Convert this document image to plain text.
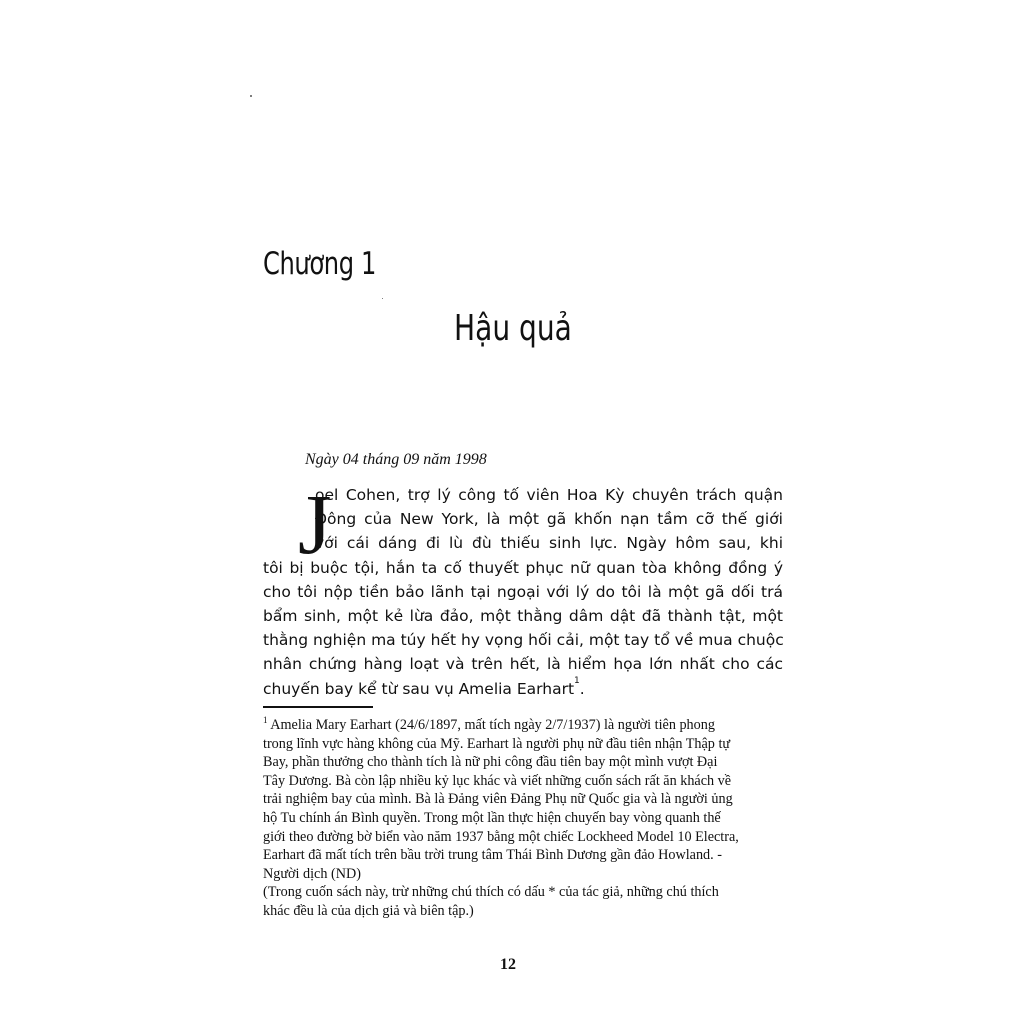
Chương 1
Hậu quả
Ngày 04 tháng 09 năm 1998
J
oel Cohen, trợ lý công tố viên Hoa Kỳ chuyên trách quận
Đông của New York, là một gã khốn nạn tầm cỡ thế giới
với cái dáng đi lù đù thiếu sinh lực. Ngày hôm sau, khi
tôi bị buộc tội, hắn ta cố thuyết phục nữ quan tòa không đồng ý
cho tôi nộp tiền bảo lãnh tại ngoại với lý do tôi là một gã dối trá
bẩm sinh, một kẻ lừa đảo, một thằng dâm dật đã thành tật, một
thằng nghiện ma túy hết hy vọng hối cải, một tay tổ về mua chuộc
nhân chứng hàng loạt và trên hết, là hiểm họa lớn nhất cho các
chuyến bay kể từ sau vụ Amelia Earhart$^1$.
$^1$ Amelia Mary Earhart (24/6/1897, mất tích ngày 2/7/1937) là người tiên phong
trong lĩnh vực hàng không của Mỹ. Earhart là người phụ nữ đầu tiên nhận Thập tự
Bay, phần thưởng cho thành tích là nữ phi công đầu tiên bay một mình vượt Đại
Tây Dương. Bà còn lập nhiều kỷ lục khác và viết những cuốn sách rất ăn khách về
trải nghiệm bay của mình. Bà là Đảng viên Đảng Phụ nữ Quốc gia và là người ủng
hộ Tu chính án Bình quyền. Trong một lần thực hiện chuyến bay vòng quanh thế
giới theo đường bờ biển vào năm 1937 bằng một chiếc Lockheed Model 10 Electra,
Earhart đã mất tích trên bầu trời trung tâm Thái Bình Dương gần đảo Howland. -
Người dịch (ND)
(Trong cuốn sách này, trừ những chú thích có dấu * của tác giả, những chú thích
khác đều là của dịch giả và biên tập.)
12
